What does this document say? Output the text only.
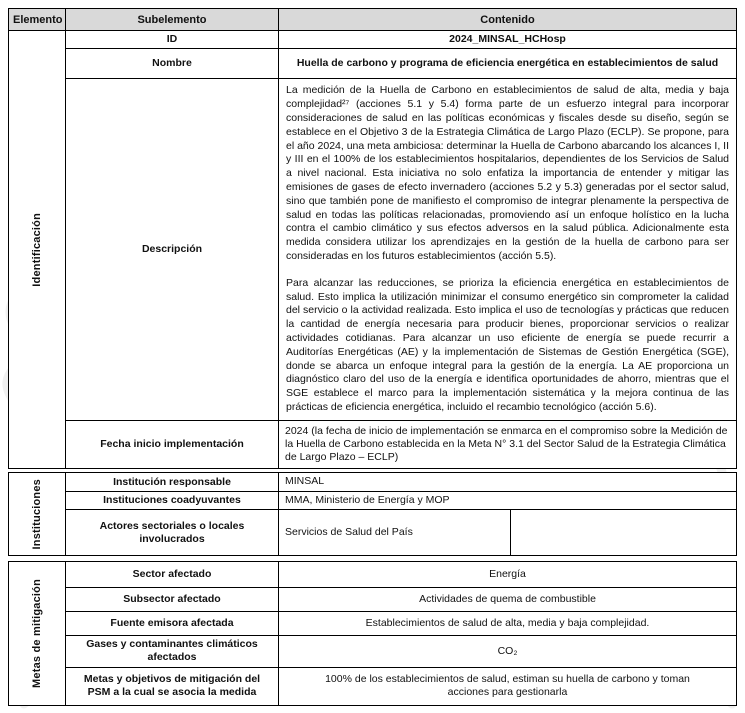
Elemento	Subelemento	Contenido

Identificación	ID	2024_MINSAL_HCHosp
	Nombre	Huella de carbono y programa de eficiencia energética en establecimientos de salud
	Descripción	La medición de la Huella de Carbono en establecimientos de salud de alta, media y baja complejidad²⁷ (acciones 5.1 y 5.4) forma parte de un esfuerzo integral para incorporar consideraciones de salud en las políticas económicas y fiscales desde su diseño, según se establece en el Objetivo 3 de la Estrategia Climática de Largo Plazo (ECLP). Se propone, para el año 2024, una meta ambiciosa: determinar la Huella de Carbono abarcando los alcances I, II y III en el 100% de los establecimientos hospitalarios, dependientes de los Servicios de Salud a nivel nacional. Esta iniciativa no solo enfatiza la importancia de entender y mitigar las emisiones de gases de efecto invernadero (acciones 5.2 y 5.3) generadas por el sector salud, sino que también pone de manifiesto el compromiso de integrar plenamente la perspectiva de salud en todas las políticas relacionadas, promoviendo así un enfoque holístico en la lucha contra el cambio climático y sus efectos adversos en la salud pública. Adicionalmente esta medida considera utilizar los aprendizajes en la gestión de la huella de carbono para ser consideradas en los futuros establecimientos (acción 5.5).

Para alcanzar las reducciones, se prioriza la eficiencia energética en establecimientos de salud. Esto implica la utilización minimizar el consumo energético sin comprometer la calidad del servicio o la actividad realizada. Esto implica el uso de tecnologías y prácticas que reducen la cantidad de energía necesaria para producir bienes, proporcionar servicios o realizar actividades cotidianas. Para alcanzar un uso eficiente de energía se puede recurrir a Auditorías Energéticas (AE) y la implementación de Sistemas de Gestión Energética (SGE), donde se abarca un enfoque integral para la gestión de la energía. La AE proporciona un diagnóstico claro del uso de la energía e identifica oportunidades de ahorro, mientras que el SGE establece el marco para la implementación sistemática y la mejora continua de las prácticas de eficiencia energética, incluido el recambio tecnológico (acción 5.6).

	Fecha inicio implementación	2024 (la fecha de inicio de implementación se enmarca en el compromiso sobre la Medición de la Huella de Carbono establecida en la Meta N° 3.1 del Sector Salud de la Estrategia Climática de Largo Plazo – ECLP)
Instituciones	Institución responsable	MINSAL	
	Instituciones coadyuvantes	MMA, Ministerio de Energía y MOP	
	Actores sectoriales o locales involucrados	Servicios de Salud del País	
Metas de mitigación	Sector afectado	Energía
	Subsector afectado	Actividades de quema de combustible
	Fuente emisora afectada	Establecimientos de salud de alta, media y baja complejidad.
	Gases y contaminantes climáticos afectados	CO₂
	Metas y objetivos de mitigación del PSM a la cual se asocia la medida	100% de los establecimientos de salud, estiman su huella de carbono y toman acciones para gestionarla
